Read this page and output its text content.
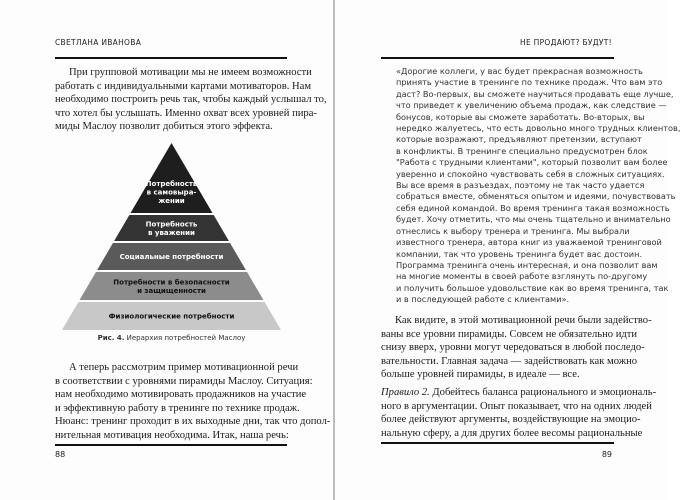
СВЕТЛАНА ИВАНОВА
При групповой мотивации мы не имеем возможности
работать с индивидуальными картами мотиваторов. Нам
необходимо построить речь так, чтобы каждый услышал то,
что хотел бы услышать. Именно охват всех уровней пира-
миды Маслоу позволит добиться этого эффекта.
Потребность
в самовыра-
жении
Потребность
в уважении
Социальные потребности
Потребности в безопасности
и защищенности
Физиологические потребности
Рис. 4. Иерархия потребностей Маслоу
А теперь рассмотрим пример мотивационной речи
в соответствии с уровнями пирамиды Маслоу. Ситуация:
нам необходимо мотивировать продажников на участие
и эффективную работу в тренинге по технике продаж.
Нюанс: тренинг проходит в их выходные дни, так что допол-
нительная мотивация необходима. Итак, наша речь:
88
НЕ ПРОДАЮТ? БУДУТ!
«Дорогие коллеги, у вас будет прекрасная возможность
принять участие в тренинге по технике продаж. Что вам это
даст? Во-первых, вы сможете научиться продавать еще лучше,
что приведет к увеличению объема продаж, как следствие —
бонусов, которые вы сможете заработать. Во-вторых, вы
нередко жалуетесь, что есть довольно много трудных клиентов,
которые возражают, предъявляют претензии, вступают
в конфликты. В тренинге специально предусмотрен блок
"Работа с трудными клиентами", который позволит вам более
уверенно и спокойно чувствовать себя в сложных ситуациях.
Вы все время в разъездах, поэтому не так часто удается
собраться вместе, обменяться опытом и идеями, почувствовать
себя единой командой. Во время тренинга такая возможность
будет. Хочу отметить, что мы очень тщательно и внимательно
отнеслись к выбору тренера и тренинга. Мы выбрали
известного тренера, автора книг из уважаемой тренинговой
компании, так что уровень тренинга будет вас достоин.
Программа тренинга очень интересная, и она позволит вам
на многие моменты в своей работе взглянуть по-другому
и получить большое удовольствие как во время тренинга, так
и в последующей работе с клиентами».
Как видите, в этой мотивационной речи были задейство-
ваны все уровни пирамиды. Совсем не обязательно идти
снизу вверх, уровни могут чередоваться в любой последо-
вательности. Главная задача — задействовать как можно
больше уровней пирамиды, в идеале — все.
Правило 2. Добейтесь баланса рационального и эмоциональ-
ного в аргументации. Опыт показывает, что на одних людей
более действуют аргументы, воздействующие на эмоцио-
нальную сферу, а для других более весомы рациональные
89
